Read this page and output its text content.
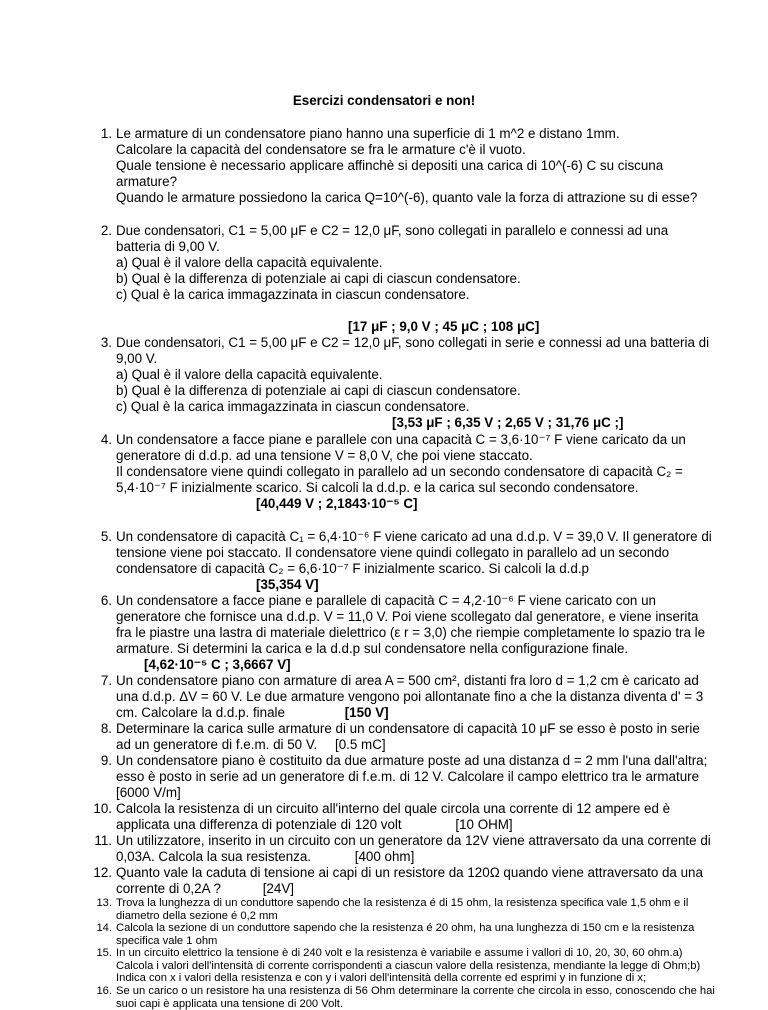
Esercizi condensatori e non!
1. Le armature di un condensatore piano hanno una superficie di 1 m^2 e distano 1mm.

Calcolare la capacità del condensatore se fra le armature c'è il vuoto.

Quale tensione è necessario applicare affinchè si depositi una carica di 10^(-6) C su ciscuna armature?

Quando le armature possiedono la carica Q=10^(-6), quanto vale la forza di attrazione su di esse?

2. Due condensatori, C1 = 5,00 μF e C2 = 12,0 μF, sono collegati in parallelo e connessi ad una batteria di 9,00 V.

a) Qual è il valore della capacità equivalente.

b) Qual è la differenza di potenziale ai capi di ciascun condensatore.

c) Qual è la carica immagazzinata in ciascun condensatore.

[17 μF ; 9,0 V ; 45 μC ; 108 μC]
3. Due condensatori, C1 = 5,00 μF e C2 = 12,0 μF, sono collegati in serie e connessi ad una batteria di 9,00 V.

a) Qual è il valore della capacità equivalente.

b) Qual è la differenza di potenziale ai capi di ciascun condensatore.

c) Qual è la carica immagazzinata in ciascun condensatore.

[3,53 μF ; 6,35 V ; 2,65 V ; 31,76 μC ;]

4. Un condensatore a facce piane e parallele con una capacità C = 3,6·10⁻⁷ F viene caricato da un generatore di d.d.p. ad una tensione V = 8,0 V, che poi viene staccato.

Il condensatore viene quindi collegato in parallelo ad un secondo condensatore di capacità C₂ = 5,4·10⁻⁷ F inizialmente scarico. Si calcoli la d.d.p. e la carica sul secondo condensatore.

[40,449 V ; 2,1843·10⁻⁵ C]

5. Un condensatore di capacità C₁ = 6,4·10⁻⁶ F viene caricato ad una d.d.p. V = 39,0 V. Il generatore di tensione viene poi staccato. Il condensatore viene quindi collegato in parallelo ad un secondo condensatore di capacità C₂ = 6,6·10⁻⁷ F inizialmente scarico. Si calcoli la d.d.p

[35,354 V]

6. Un condensatore a facce piane e parallele di capacità C = 4,2·10⁻⁶ F viene caricato con un generatore che fornisce una d.d.p. V = 11,0 V. Poi viene scollegato dal generatore, e viene inserita fra le piastre una lastra di materiale dielettrico (ε r = 3,0) che riempie completamente lo spazio tra le armature. Si determini la carica e la d.d.p sul condensatore nella configurazione finale.

[4,62·10⁻⁵ C ; 3,6667 V]

7. Un condensatore piano con armature di area A = 500 cm², distanti fra loro d = 1,2 cm è caricato ad una d.d.p. ΔV = 60 V. Le due armature vengono poi allontanate fino a che la distanza diventa d' = 3 cm. Calcolare la d.d.p. finale	[150 V]
8. Determinare la carica sulle armature di un condensatore di capacità 10 μF se esso è posto in serie ad un generatore di f.e.m. di 50 V. [0.5 mC]
9. Un condensatore piano è costituito da due armature poste ad una distanza d = 2 mm l'una dall'altra; esso è posto in serie ad un generatore di f.e.m. di 12 V. Calcolare il campo elettrico tra le armature [6000 V/m]
10. Calcola la resistenza di un circuito all'interno del quale circola una corrente di 12 ampere ed è applicata una differenza di potenziale di 120 volt	[10 OHM]
11. Un utilizzatore, inserito in un circuito con un generatore da 12V viene attraversato da una corrente di 0,03A. Calcola la sua resistenza.	[400 ohm]
12. Quanto vale la caduta di tensione ai capi di un resistore da 120Ω quando viene attraversato da una corrente di 0,2A ?	[24V]
13. Trova la lunghezza di un conduttore sapendo che la resistenza é di 15 ohm, la resistenza specifica vale 1,5 ohm e il diametro della sezione é 0,2 mm
14. Calcola la sezione di un conduttore sapendo che la resistenza é 20 ohm, ha una lunghezza di 150 cm e la resistenza specifica vale 1 ohm
15. In un circuito elettrico la tensione è di 240 volt e la resistenza è variabile e assume i vallori di 10, 20, 30, 60 ohm.a) Calcola i valori dell'intensità di corrente corrispondenti a ciascun valore della resistenza, mendiante la legge di Ohm;b) Indica con x i valori della resistenza e con y i valori dell'intensità della corrente ed esprimi y in funzione di x;
16. Se un carico o un resistore ha una resistenza di 56 Ohm determinare la corrente che circola in esso, conoscendo che hai suoi capi è applicata una tensione di 200 Volt.
